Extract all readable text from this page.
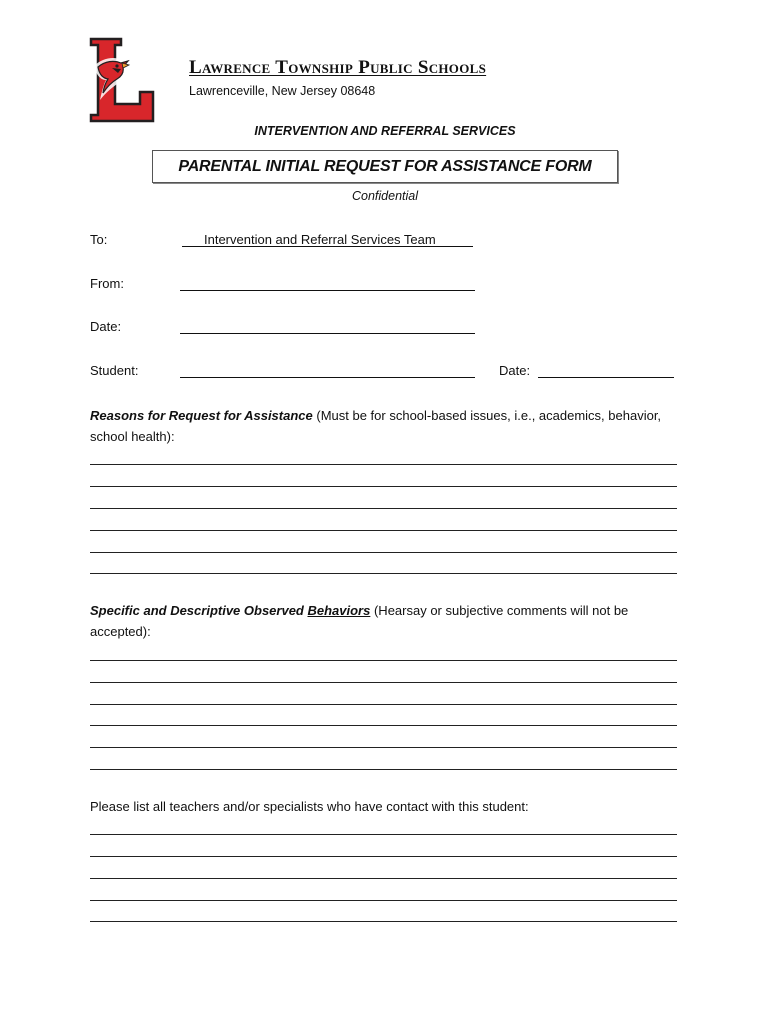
Lawrence Township Public Schools
Lawrenceville, New Jersey 08648
INTERVENTION AND REFERRAL SERVICES
PARENTAL INITIAL REQUEST FOR ASSISTANCE FORM
Confidential
To:	Intervention and Referral Services Team
From:
Date:
Student:	Date:
Reasons for Request for Assistance (Must be for school-based issues, i.e., academics, behavior, school health):
Specific and Descriptive Observed Behaviors (Hearsay or subjective comments will not be accepted):
Please list all teachers and/or specialists who have contact with this student:
